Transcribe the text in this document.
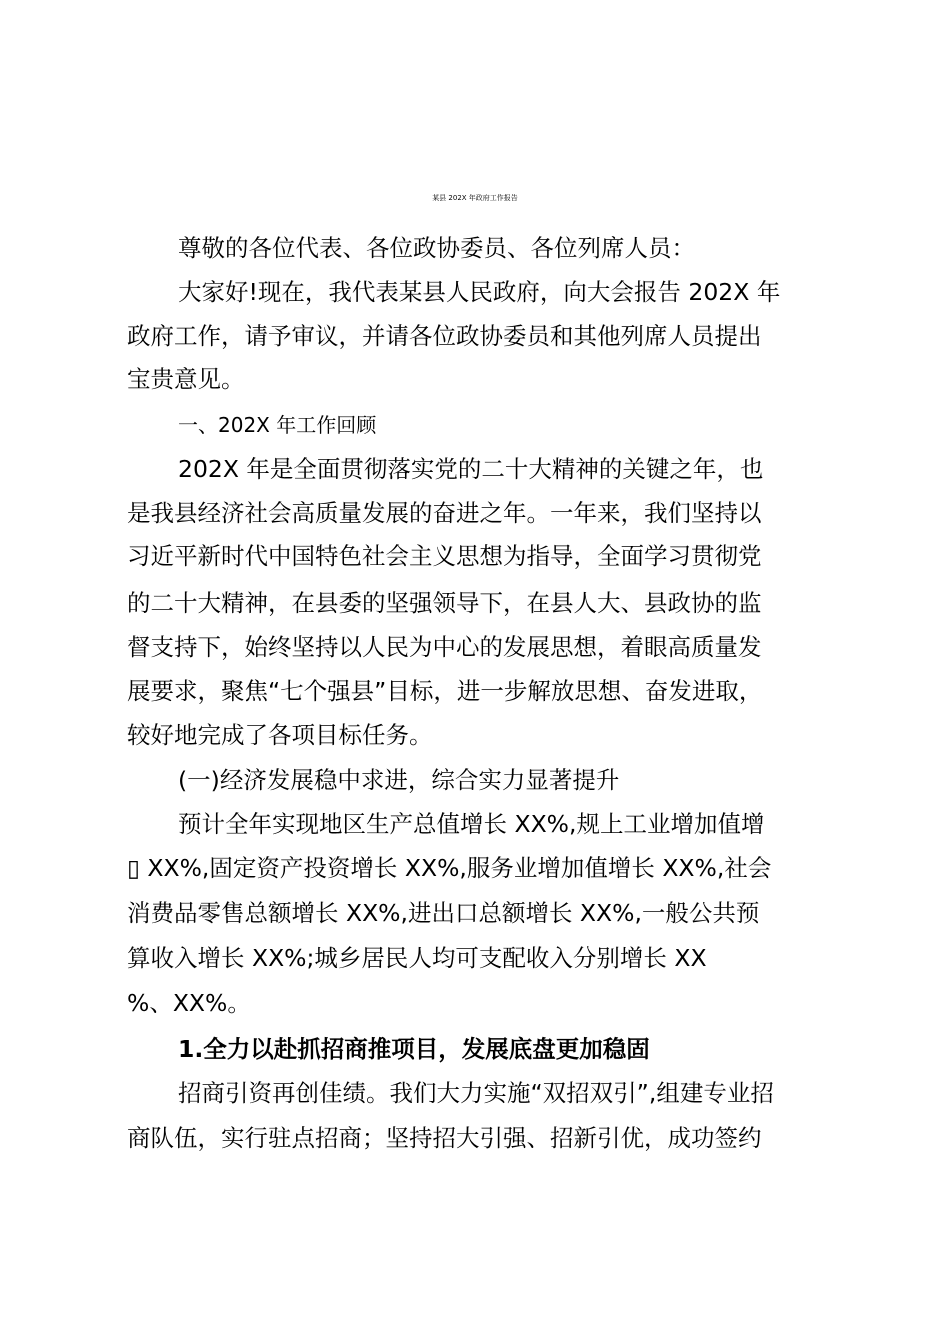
某县 202X 年政府工作报告
尊敬的各位代表、各位政协委员、各位列席人员：
大家好!现在，我代表某县人民政府，向大会报告 202X 年
政府工作，请予审议，并请各位政协委员和其他列席人员提出
宝贵意见。
一、202X 年工作回顾
202X 年是全面贯彻落实党的二十大精神的关键之年，也
是我县经济社会高质量发展的奋进之年。一年来，我们坚持以
习近平新时代中国特色社会主义思想为指导，全面学习贯彻党
的二十大精神，在县委的坚强领导下，在县人大、县政协的监
督支持下，始终坚持以人民为中心的发展思想，着眼高质量发
展要求，聚焦“七个强县”目标，进一步解放思想、奋发进取，
较好地完成了各项目标任务。
(一)经济发展稳中求进，综合实力显著提升
预计全年实现地区生产总值增长 XX%,规上工业增加值增
▯ XX%,固定资产投资增长 XX%,服务业增加值增长 XX%,社会
消费品零售总额增长 XX%,进出口总额增长 XX%,一般公共预
算收入增长 XX%;城乡居民人均可支配收入分别增长 XX
%、XX%。
1.全力以赴抓招商推项目，发展底盘更加稳固
招商引资再创佳绩。我们大力实施“双招双引”,组建专业招
商队伍，实行驻点招商；坚持招大引强、招新引优，成功签约
